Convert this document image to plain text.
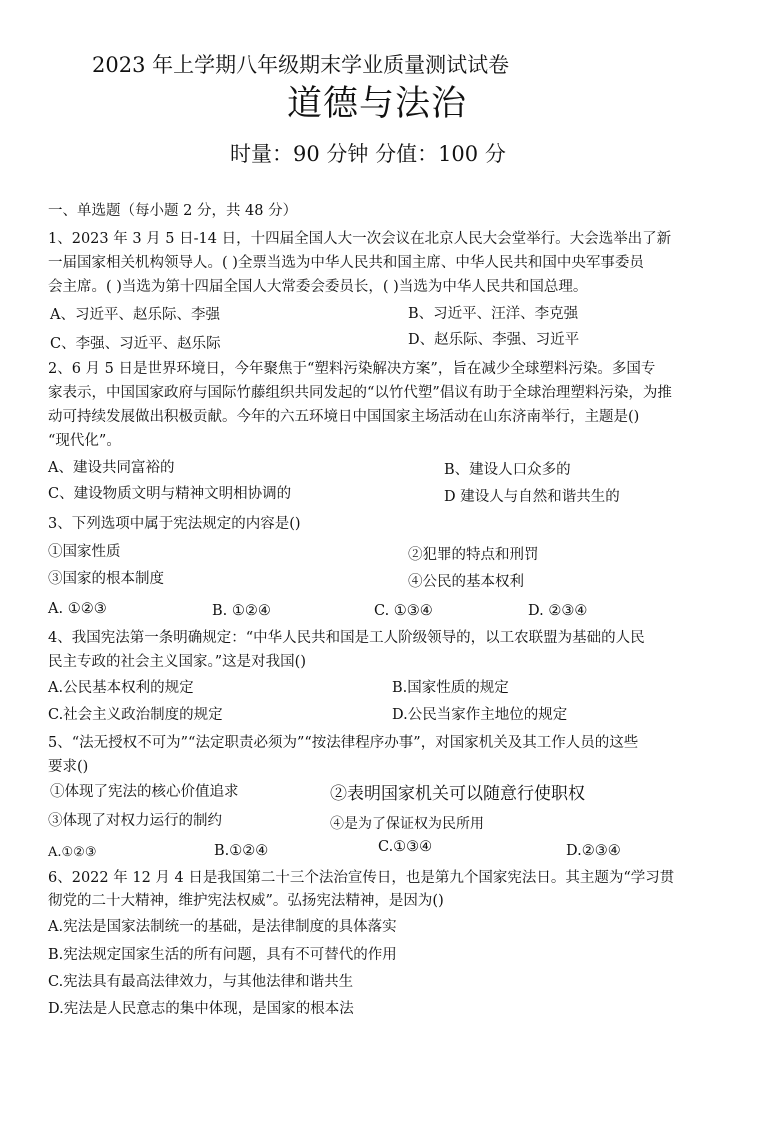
2023 年上学期八年级期末学业质量测试试卷
道德与法治
时量：90 分钟 分值：100 分
一、单选题（每小题 2 分，共 48 分）
1、2023 年 3 月 5 日-14 日，十四届全国人大一次会议在北京人民大会堂举行。大会选举出了新
一届国家相关机构领导人。( )全票当选为中华人民共和国主席、中华人民共和国中央军事委员
会主席。( )当选为第十四届全国人大常委会委员长，( )当选为中华人民共和国总理。
A、习近平、赵乐际、李强	B、习近平、汪洋、李克强
C、李强、习近平、赵乐际	D、赵乐际、李强、习近平
2、6 月 5 日是世界环境日，今年聚焦于“塑料污染解决方案”，旨在减少全球塑料污染。多国专
家表示，中国国家政府与国际竹藤组织共同发起的“以竹代塑”倡议有助于全球治理塑料污染，为推
动可持续发展做出积极贡献。今年的六五环境日中国国家主场活动在山东济南举行，主题是()
“现代化”。
A、建设共同富裕的	B、建设人口众多的
C、建设物质文明与精神文明相协调的	D 建设人与自然和谐共生的
3、下列选项中属于宪法规定的内容是()
①国家性质	②犯罪的特点和刑罚
③国家的根本制度	④公民的基本权利
A. ①②③	B. ①②④	C. ①③④	D. ②③④
4、我国宪法第一条明确规定：“中华人民共和国是工人阶级领导的，以工农联盟为基础的人民
民主专政的社会主义国家。”这是对我国()
A.公民基本权利的规定	B.国家性质的规定
C.社会主义政治制度的规定	D.公民当家作主地位的规定
5、“法无授权不可为”“法定职责必须为”“按法律程序办事”，对国家机关及其工作人员的这些
要求()
①体现了宪法的核心价值追求	②表明国家机关可以随意行使职权
③体现了对权力运行的制约	④是为了保证权为民所用
A.①②③	B.①②④	C.①③④	D.②③④
6、2022 年 12 月 4 日是我国第二十三个法治宣传日，也是第九个国家宪法日。其主题为“学习贯
彻党的二十大精神，维护宪法权威”。弘扬宪法精神，是因为()
A.宪法是国家法制统一的基础，是法律制度的具体落实
B.宪法规定国家生活的所有问题，具有不可替代的作用
C.宪法具有最高法律效力，与其他法律和谐共生
D.宪法是人民意志的集中体现，是国家的根本法
